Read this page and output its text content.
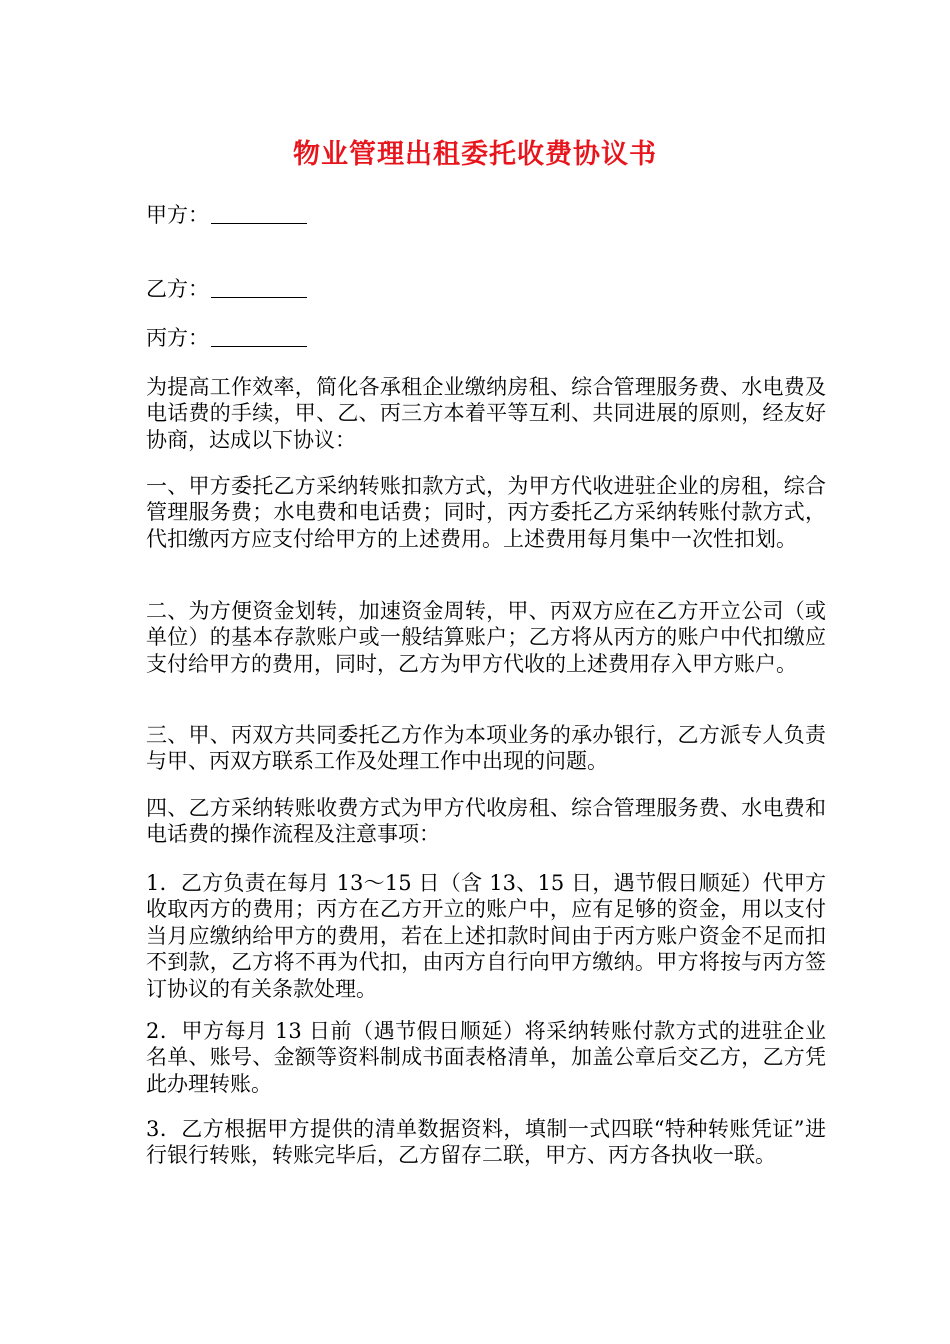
物业管理出租委托收费协议书
甲方：
乙方：
丙方：

为提高工作效率，简化各承租企业缴纳房租、综合管理服务费、水电费及电话费的手续，甲、乙、丙三方本着平等互利、共同进展的原则，经友好协商，达成以下协议：

一、甲方委托乙方采纳转账扣款方式，为甲方代收进驻企业的房租，综合管理服务费；水电费和电话费；同时，丙方委托乙方采纳转账付款方式，代扣缴丙方应支付给甲方的上述费用。上述费用每月集中一次性扣划。

二、为方便资金划转，加速资金周转，甲、丙双方应在乙方开立公司（或单位）的基本存款账户或一般结算账户；乙方将从丙方的账户中代扣缴应支付给甲方的费用，同时，乙方为甲方代收的上述费用存入甲方账户。

三、甲、丙双方共同委托乙方作为本项业务的承办银行，乙方派专人负责与甲、丙双方联系工作及处理工作中出现的问题。

四、乙方采纳转账收费方式为甲方代收房租、综合管理服务费、水电费和电话费的操作流程及注意事项：

1．乙方负责在每月 13～15 日（含 13、15 日，遇节假日顺延）代甲方收取丙方的费用；丙方在乙方开立的账户中，应有足够的资金，用以支付当月应缴纳给甲方的费用，若在上述扣款时间由于丙方账户资金不足而扣不到款，乙方将不再为代扣，由丙方自行向甲方缴纳。甲方将按与丙方签订协议的有关条款处理。

2．甲方每月 13 日前（遇节假日顺延）将采纳转账付款方式的进驻企业名单、账号、金额等资料制成书面表格清单，加盖公章后交乙方，乙方凭此办理转账。

3．乙方根据甲方提供的清单数据资料，填制一式四联“特种转账凭证”进行银行转账，转账完毕后，乙方留存二联，甲方、丙方各执收一联。
